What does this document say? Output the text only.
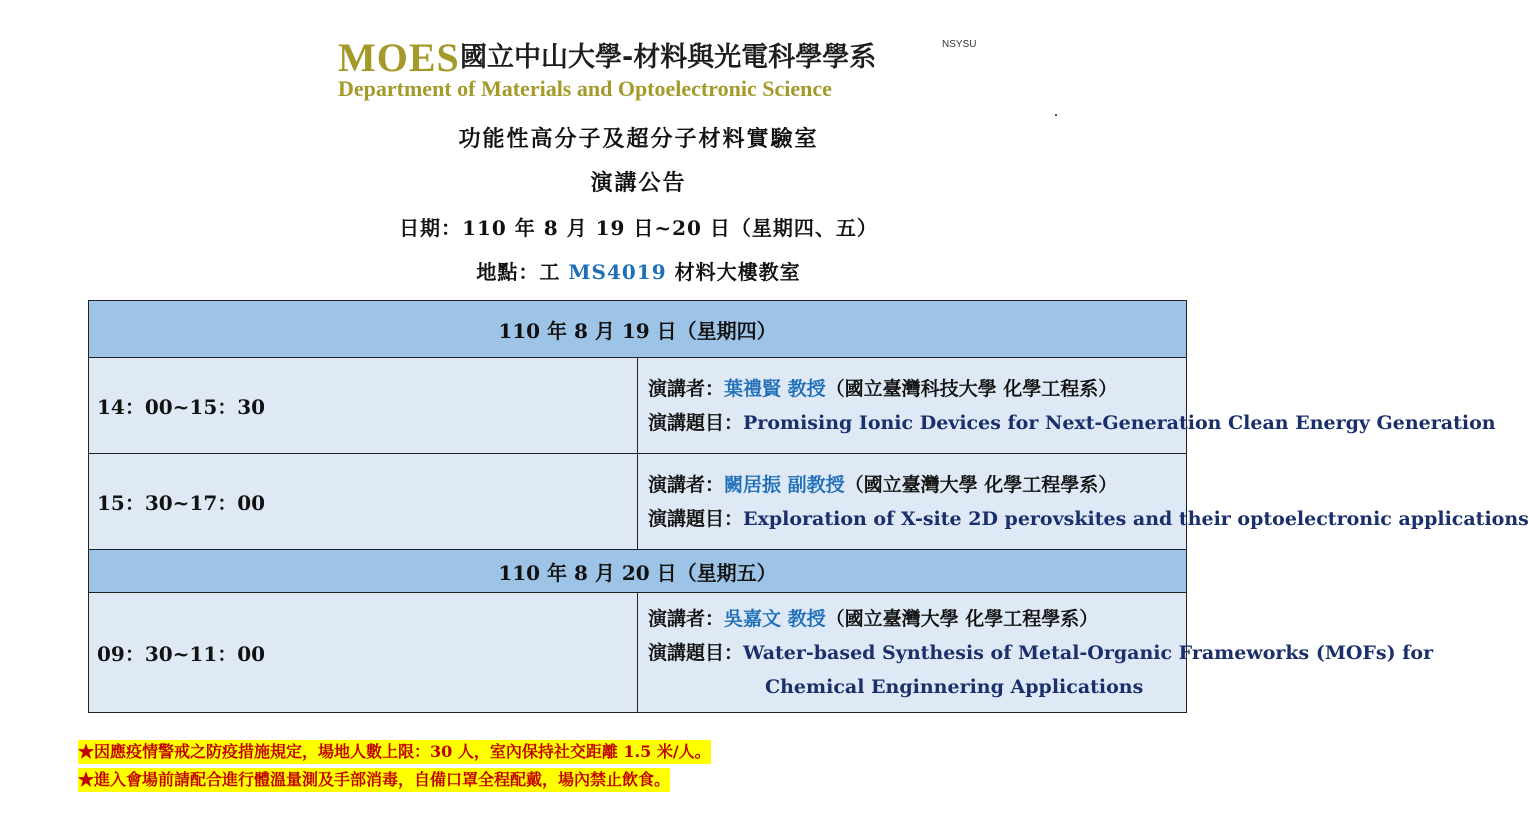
MOES 國立中山大學-材料與光電科學學系	NSYSU
Department of Materials and Optoelectronic Science
功能性高分子及超分子材料實驗室
演講公告
日期：110 年 8 月 19 日~20 日（星期四、五）
地點：工 MS4019 材料大樓教室
110 年 8 月 19 日（星期四）	
14：00~15：30	演講者：葉禮賢 教授（國立臺灣科技大學 化學工程系）
演講題目：Promising Ionic Devices for Next-Generation Clean Energy Generation

15：30~17：00	演講者：闕居振 副教授（國立臺灣大學 化學工程學系）
演講題目：Exploration of X-site 2D perovskites and their optoelectronic applications

110 年 8 月 20 日（星期五）	
09：30~11：00	演講者：吳嘉文 教授（國立臺灣大學 化學工程學系）
演講題目：Water-based Synthesis of Metal-Organic Frameworks (MOFs) for
Chemical Enginnering Applications
★因應疫情警戒之防疫措施規定，場地人數上限：30 人，室內保持社交距離 1.5 米/人。
★進入會場前請配合進行體溫量測及手部消毒，自備口罩全程配戴，場內禁止飲食。
